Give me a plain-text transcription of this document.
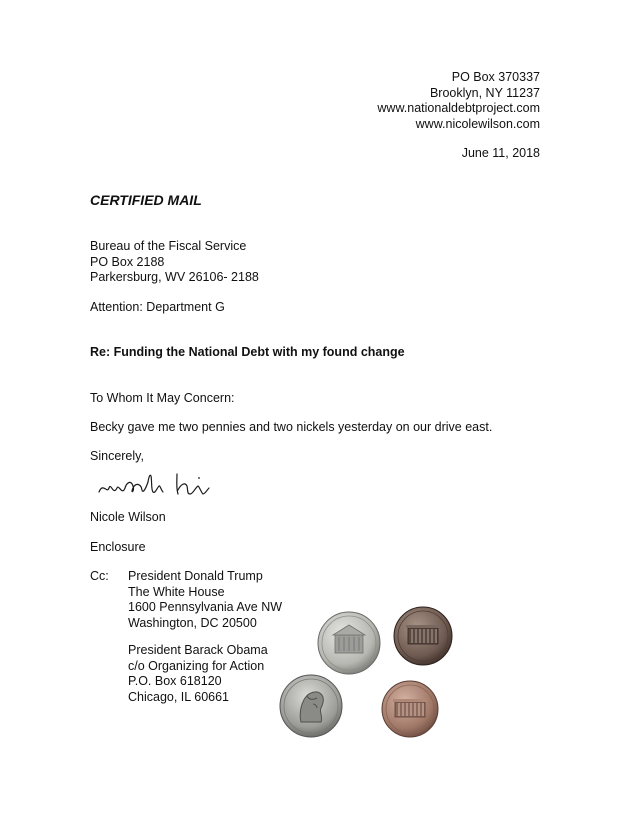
PO Box 370337
Brooklyn, NY 11237
www.nationaldebtproject.com
www.nicolewilson.com
June 11, 2018
CERTIFIED MAIL
Bureau of the Fiscal Service
PO Box 2188
Parkersburg, WV 26106- 2188
Attention: Department G
Re: Funding the National Debt with my found change
To Whom It May Concern:
Becky gave me two pennies and two nickels yesterday on our drive east.
Sincerely,
Nicole Wilson
Enclosure
Cc: President Donald Trump
The White House
1600 Pennsylvania Ave NW
Washington, DC 20500
President Barack Obama
c/o Organizing for Action
P.O. Box 618120
Chicago, IL 60661
